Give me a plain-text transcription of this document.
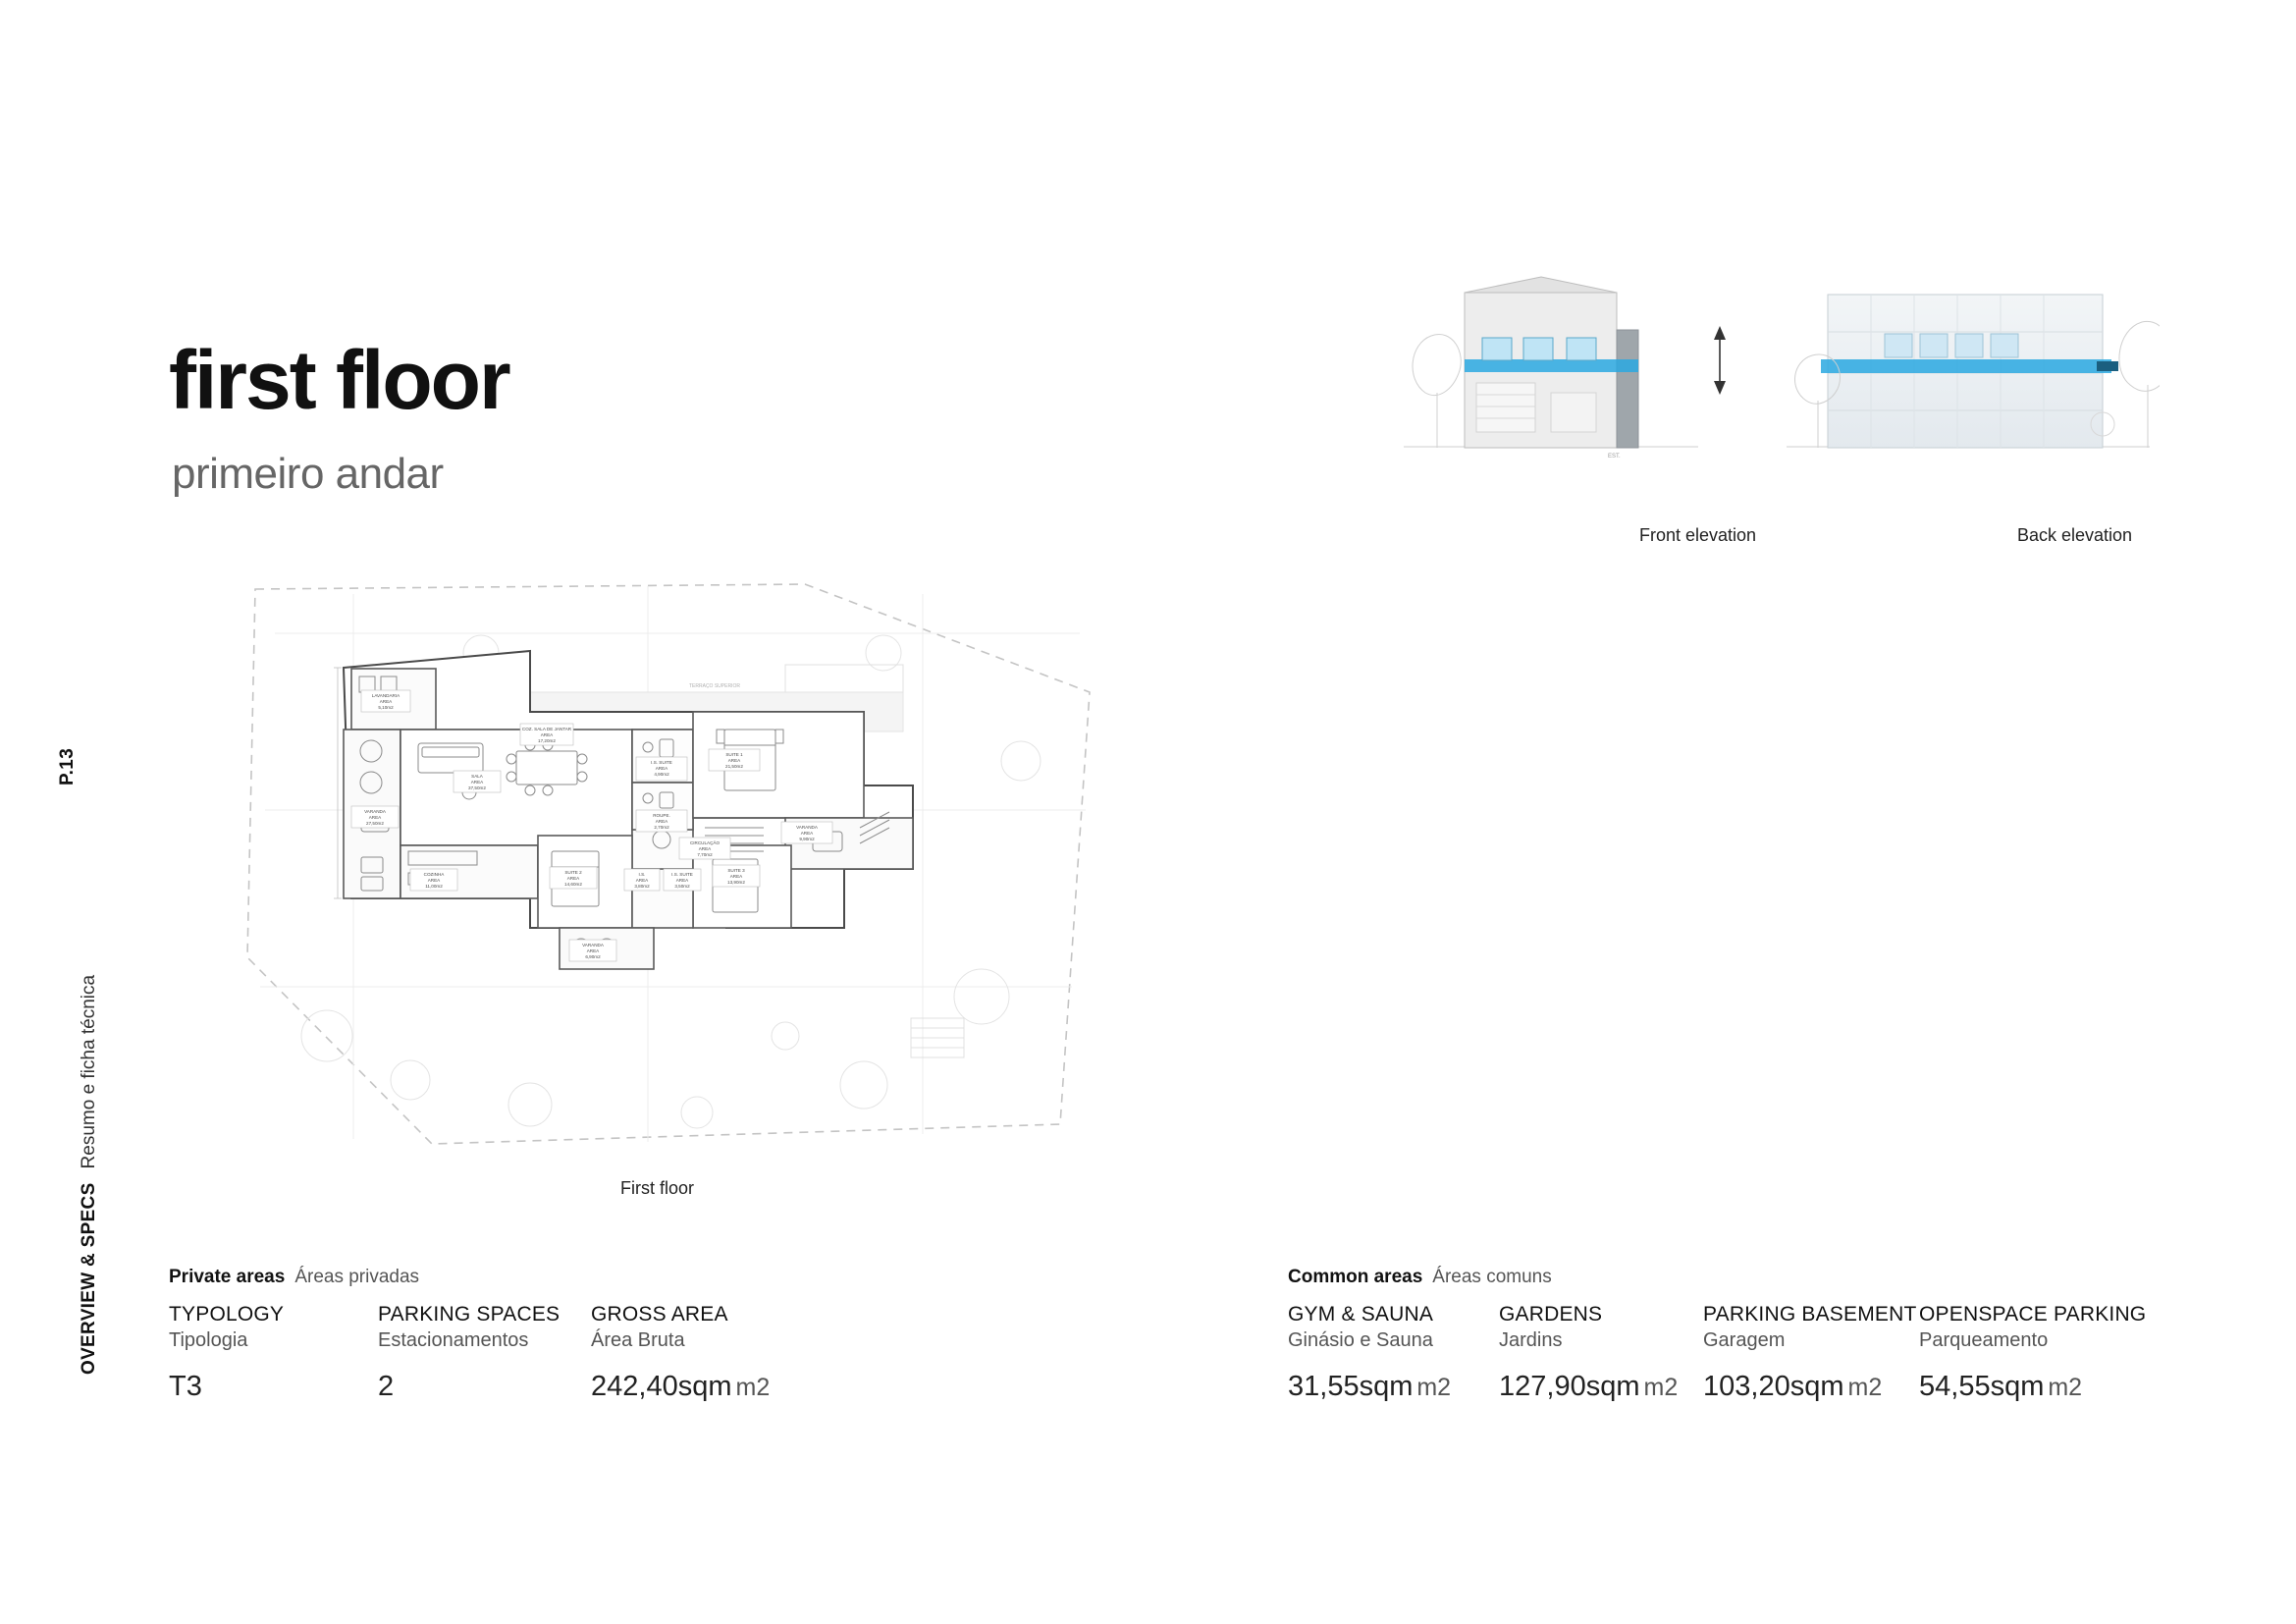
P.13
OVERVIEW & SPECSResumo e ficha técnica
first floor
primeiro andar	EST.
Front elevation	Back elevation
LAVANDARIA
AREA
5,10m2
SALA
AREA
37,50m2
COZ. SALA DE JANTAR
AREA
17,20m2
I.S. SUITE
AREA
4,90m2
ROUPE.
AREA
2,70m2
SUITE 1
AREA
21,50m2
CIRCULAÇÃO
AREA
7,70m2
VARANDA
AREA
9,90m2
VARANDA
AREA
27,50m2
COZINHA
AREA
11,00m2
SUITE 2
AREA
14,60m2
I.S.
AREA
3,80m2
I.S. SUITE
AREA
3,50m2
SUITE 3
AREA
13,90m2
VARANDA
AREA
6,90m2
TERRAÇO SUPERIOR
First floor
Private areas Áreas privadas
TYPOLOGY
Tipologia
T3
PARKING SPACES
Estacionamentos
2
GROSS AREA
Área Bruta
242,40sqm m2
Common areas Áreas comuns
GYM & SAUNA
Ginásio e Sauna
31,55sqm m2
GARDENS
Jardins
127,90sqm m2
PARKING BASEMENT
Garagem
103,20sqm m2
OPENSPACE PARKING
Parqueamento
54,55sqm m2
